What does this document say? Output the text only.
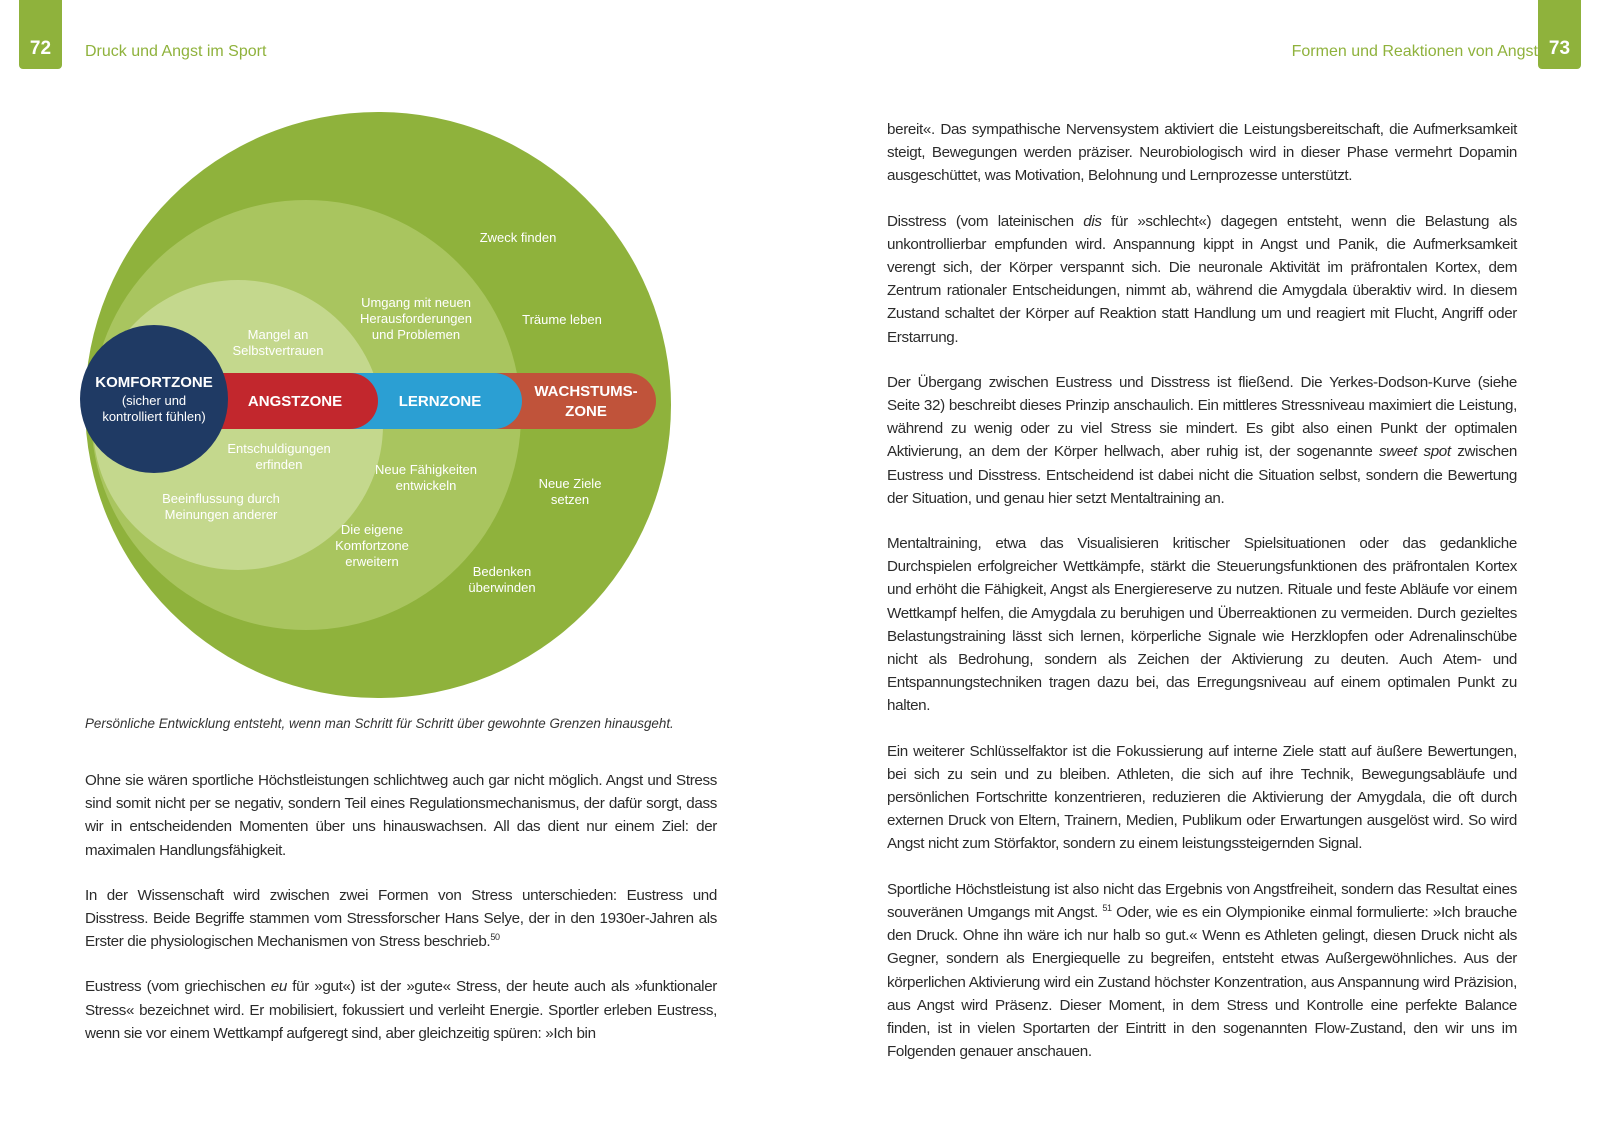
72 Druck und Angst im Sport
KOMFORTZONE
(sicher und
kontrolliert fühlen)
ANGSTZONE	LERNZONE
WACHSTUMS-
ZONE
Zweck finden
Träume leben
Neue Ziele
setzen
Bedenken
überwinden
Umgang mit neuen
Herausforderungen
und Problemen
Neue Fähigkeiten
entwickeln
Die eigene
Komfortzone
erweitern
Mangel an
Selbstvertrauen
Entschuldigungen
erfinden
Beeinflussung durch
Meinungen anderer
Persönliche Entwicklung entsteht, wenn man Schritt für Schritt über gewohnte Grenzen hinausgeht.

Ohne sie wären sportliche Höchstleistungen schlichtweg auch gar nicht möglich. Angst und Stress sind somit nicht per se negativ, sondern Teil eines Regulationsmechanismus, der dafür sorgt, dass wir in entscheidenden Momenten über uns hinauswachsen. All das dient nur einem Ziel: der maximalen Handlungsfähigkeit.

In der Wissenschaft wird zwischen zwei Formen von Stress unterschieden: Eustress und Disstress. Beide Begriffe stammen vom Stressforscher Hans Selye, der in den 1930er-Jahren als Erster die physiologischen Mechanismen von Stress beschrieb.$^{50}$

Eustress (vom griechischen eu für »gut«) ist der »gute« Stress, der heute auch als »funktionaler Stress« bezeichnet wird. Er mobilisiert, fokussiert und verleiht Energie. Sportler erleben Eustress, wenn sie vor einem Wettkampf aufgeregt sind, aber gleichzeitig spüren: »Ich bin

Formen und Reaktionen von Angst 73

bereit«. Das sympathische Nervensystem aktiviert die Leistungsbereitschaft, die Aufmerksamkeit steigt, Bewegungen werden präziser. Neurobiologisch wird in dieser Phase vermehrt Dopamin ausgeschüttet, was Motivation, Belohnung und Lernprozesse unterstützt.

Disstress (vom lateinischen dis für »schlecht«) dagegen entsteht, wenn die Belastung als unkontrollierbar empfunden wird. Anspannung kippt in Angst und Panik, die Aufmerksamkeit verengt sich, der Körper verspannt sich. Die neuronale Aktivität im präfrontalen Kortex, dem Zentrum rationaler Entscheidungen, nimmt ab, während die Amygdala überaktiv wird. In diesem Zustand schaltet der Körper auf Reaktion statt Handlung um und reagiert mit Flucht, Angriff oder Erstarrung.

Der Übergang zwischen Eustress und Disstress ist fließend. Die Yerkes-Dodson-Kurve (siehe Seite 32) beschreibt dieses Prinzip anschaulich. Ein mittleres Stressniveau maximiert die Leistung, während zu wenig oder zu viel Stress sie mindert. Es gibt also einen Punkt der optimalen Aktivierung, an dem der Körper hellwach, aber ruhig ist, der sogenannte sweet spot zwischen Eustress und Disstress. Entscheidend ist dabei nicht die Situation selbst, sondern die Bewertung der Situation, und genau hier setzt Mentaltraining an.

Mentaltraining, etwa das Visualisieren kritischer Spielsituationen oder das gedankliche Durchspielen erfolgreicher Wettkämpfe, stärkt die Steuerungsfunktionen des präfrontalen Kortex und erhöht die Fähigkeit, Angst als Energiereserve zu nutzen. Rituale und feste Abläufe vor einem Wettkampf helfen, die Amygdala zu beruhigen und Überreaktionen zu vermeiden. Durch gezieltes Belastungstraining lässt sich lernen, körperliche Signale wie Herzklopfen oder Adrenalinschübe nicht als Bedrohung, sondern als Zeichen der Aktivierung zu deuten. Auch Atem- und Entspannungstechniken tragen dazu bei, das Erregungsniveau auf einem optimalen Punkt zu halten.

Ein weiterer Schlüsselfaktor ist die Fokussierung auf interne Ziele statt auf äußere Bewertungen, bei sich zu sein und zu bleiben. Athleten, die sich auf ihre Technik, Bewegungsabläufe und persönlichen Fortschritte konzentrieren, reduzieren die Aktivierung der Amygdala, die oft durch externen Druck von Eltern, Trainern, Medien, Publikum oder Erwartungen ausgelöst wird. So wird Angst nicht zum Störfaktor, sondern zu einem leistungssteigernden Signal.

Sportliche Höchstleistung ist also nicht das Ergebnis von Angstfreiheit, sondern das Resultat eines souveränen Umgangs mit Angst. $^{51}$ Oder, wie es ein Olympionike einmal formulierte: »Ich brauche den Druck. Ohne ihn wäre ich nur halb so gut.« Wenn es Athleten gelingt, diesen Druck nicht als Gegner, sondern als Energiequelle zu begreifen, entsteht etwas Außergewöhnliches. Aus der körperlichen Aktivierung wird ein Zustand höchster Konzentration, aus Anspannung wird Präzision, aus Angst wird Präsenz. Dieser Moment, in dem Stress und Kontrolle eine perfekte Balance finden, ist in vielen Sportarten der Eintritt in den sogenannten Flow-Zustand, den wir uns im Folgenden genauer anschauen.
